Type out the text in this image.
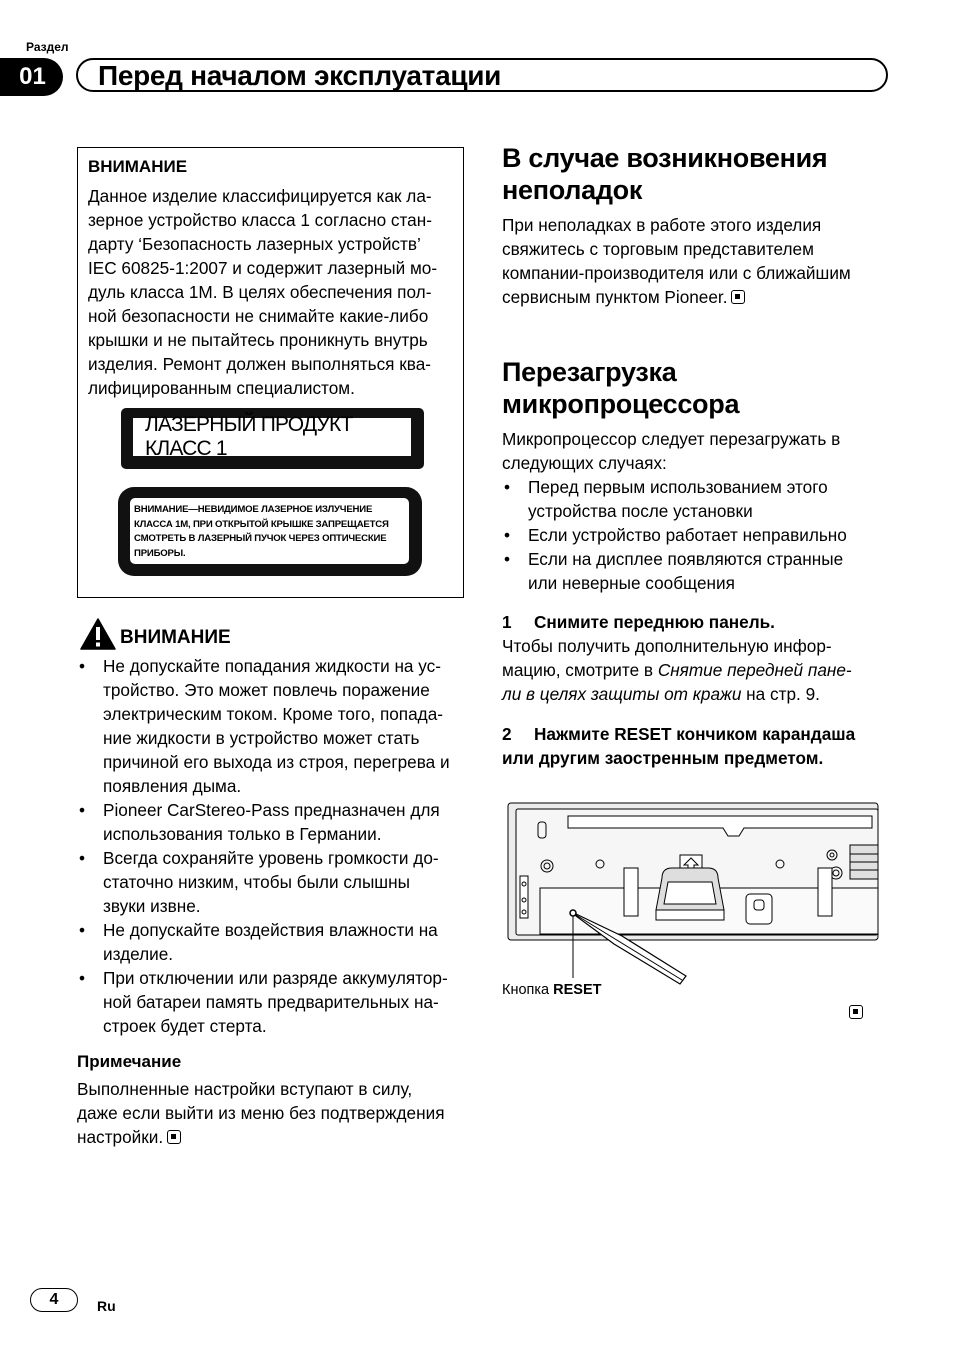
Раздел
01	Перед началом эксплуатации
ВНИМАНИЕ
Данное изделие классифицируется как ла-
зерное устройство класса 1 согласно стан-
дарту ‘Безопасность лазерных устройств’
IEC 60825-1:2007 и содержит лазерный мо-
дуль класса 1M. В целях обеспечения пол-
ной безопасности не снимайте какие-либо
крышки и не пытайтесь проникнуть внутрь
изделия. Ремонт должен выполняться ква-
лифицированным специалистом.
ЛАЗЕРНЫЙ ПРОДУКТ КЛАСС 1
ВНИМАНИЕ—НЕВИДИМОЕ ЛАЗЕРНОЕ ИЗЛУЧЕНИЕ
КЛАССА 1М, ПРИ ОТКРЫТОЙ КРЫШКЕ ЗАПРЕЩАЕТСЯ
СМОТРЕТЬ В ЛАЗЕРНЫЙ ПУЧОК ЧЕРЕЗ ОПТИЧЕСКИЕ
ПРИБОРЫ.
ВНИМАНИЕ
• Не допускайте попадания жидкости на ус-
тройство. Это может повлечь поражение
электрическим током. Кроме того, попада-
ние жидкости в устройство может стать
причиной его выхода из строя, перегрева и
появления дыма.
• Pioneer CarStereo-Pass предназначен для
использования только в Германии.
• Всегда сохраняйте уровень громкости до-
статочно низким, чтобы были слышны
звуки извне.
• Не допускайте воздействия влажности на
изделие.
• При отключении или разряде аккумулятор-
ной батареи память предварительных на-
строек будет стерта.
Примечание
Выполненные настройки вступают в силу,
даже если выйти из меню без подтверждения
настройки.
В случае возникновения
неполадок
При неполадках в работе этого изделия
свяжитесь с торговым представителем
компании-производителя или с ближайшим
сервисным пунктом Pioneer.
Перезагрузка
микропроцессора
Микропроцессор следует перезагружать в
следующих случаях:
• Перед первым использованием этого
устройства после установки
• Если устройство работает неправильно
• Если на дисплее появляются странные
или неверные сообщения
1 Снимите переднюю панель.
Чтобы получить дополнительную инфор-
мацию, смотрите в Снятие передней пане-
ли в целях защиты от кражи на стр. 9.
2 Нажмите RESET кончиком карандаша
или другим заостренным предметом.
Кнопка RESET
4	Ru
